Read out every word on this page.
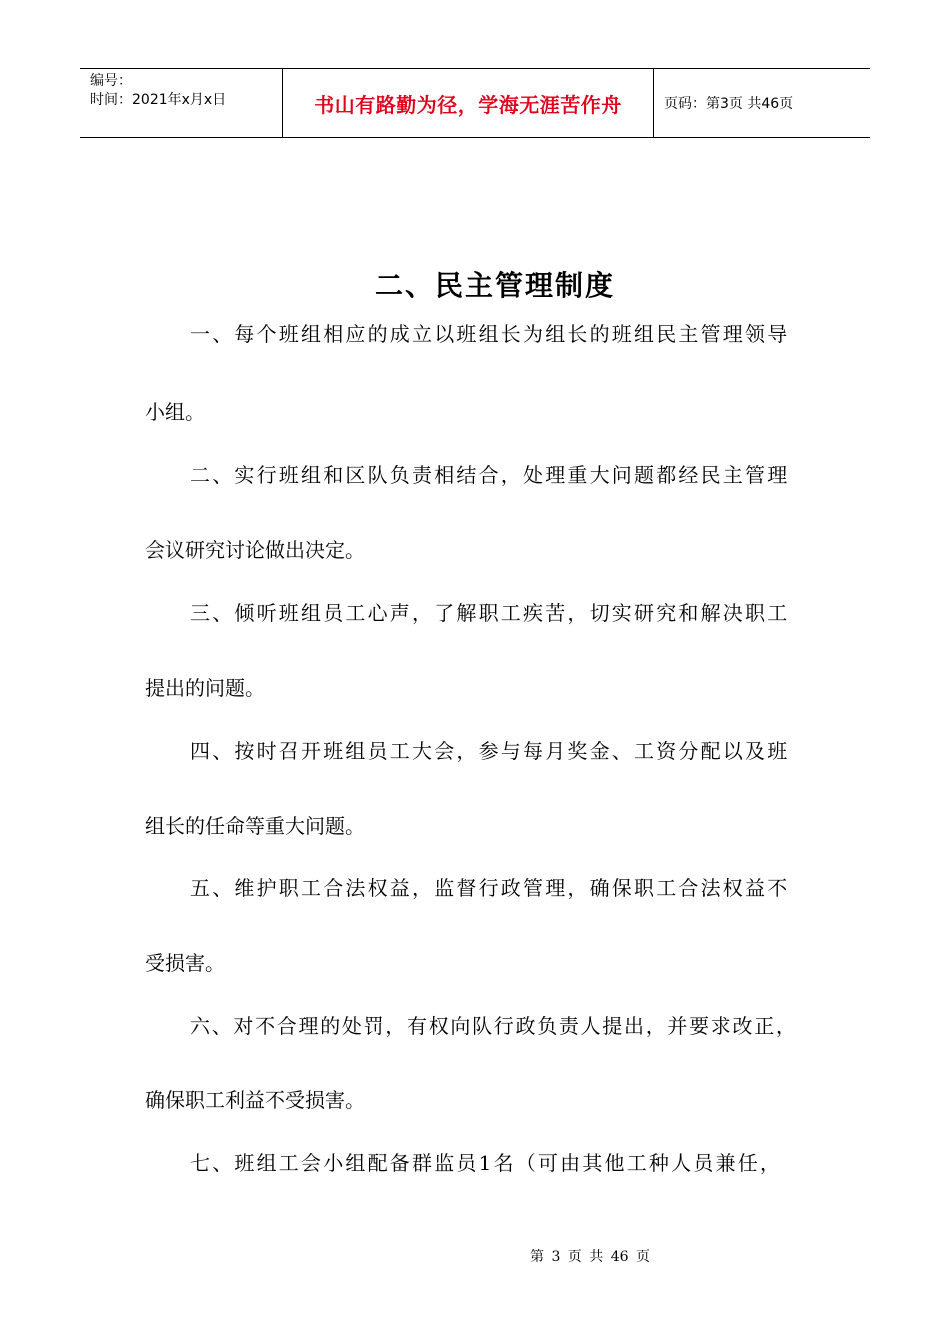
编号：
时间：2021年x月x日	书山有路勤为径，学海无涯苦作舟	页码：第3页 共46页
二、民主管理制度
一、每个班组相应的成立以班组长为组长的班组民主管理领导
小组。
二、实行班组和区队负责相结合，处理重大问题都经民主管理
会议研究讨论做出决定。
三、倾听班组员工心声，了解职工疾苦，切实研究和解决职工
提出的问题。
四、按时召开班组员工大会，参与每月奖金、工资分配以及班
组长的任命等重大问题。
五、维护职工合法权益，监督行政管理，确保职工合法权益不
受损害。
六、对不合理的处罚，有权向队行政负责人提出，并要求改正，
确保职工利益不受损害。
七、班组工会小组配备群监员1名（可由其他工种人员兼任，
第 3 页 共 46 页
